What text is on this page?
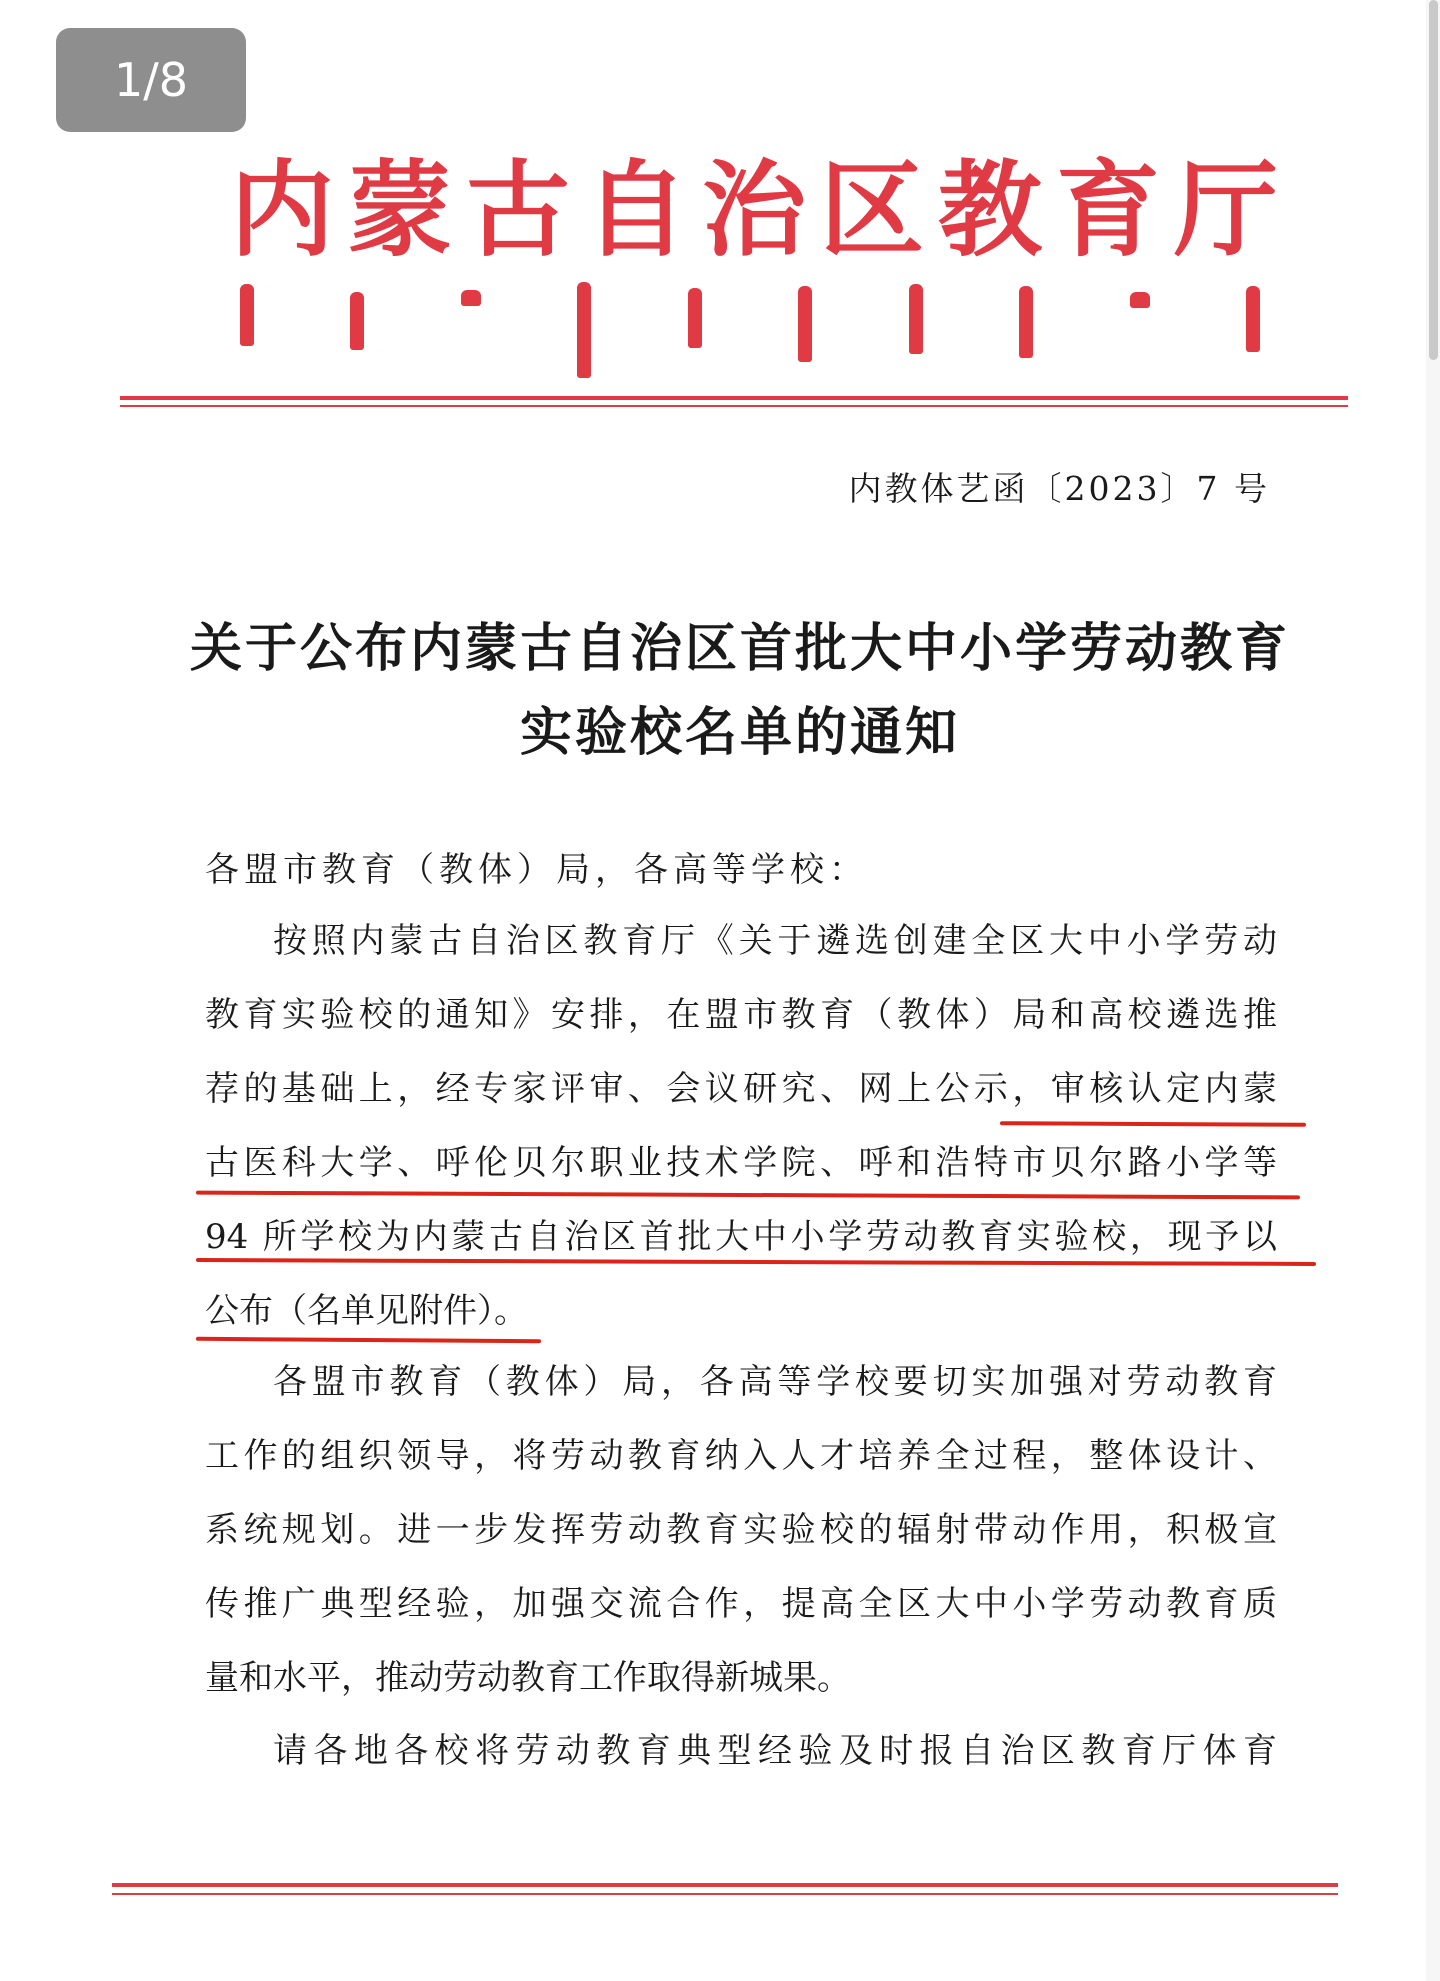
1/8
内蒙古自治区教育厅
内教体艺函〔2023〕7 号
关于公布内蒙古自治区首批大中小学劳动教育
实验校名单的通知
各盟市教育（教体）局，各高等学校：
按照内蒙古自治区教育厅《关于遴选创建全区大中小学劳动
教育实验校的通知》安排，在盟市教育（教体）局和高校遴选推
荐的基础上，经专家评审、会议研究、网上公示，审核认定内蒙
古医科大学、呼伦贝尔职业技术学院、呼和浩特市贝尔路小学等
94 所学校为内蒙古自治区首批大中小学劳动教育实验校，现予以
公布（名单见附件）。
各盟市教育（教体）局，各高等学校要切实加强对劳动教育
工作的组织领导，将劳动教育纳入人才培养全过程，整体设计、
系统规划。进一步发挥劳动教育实验校的辐射带动作用，积极宣
传推广典型经验，加强交流合作，提高全区大中小学劳动教育质
量和水平，推动劳动教育工作取得新城果。
请各地各校将劳动教育典型经验及时报自治区教育厅体育
